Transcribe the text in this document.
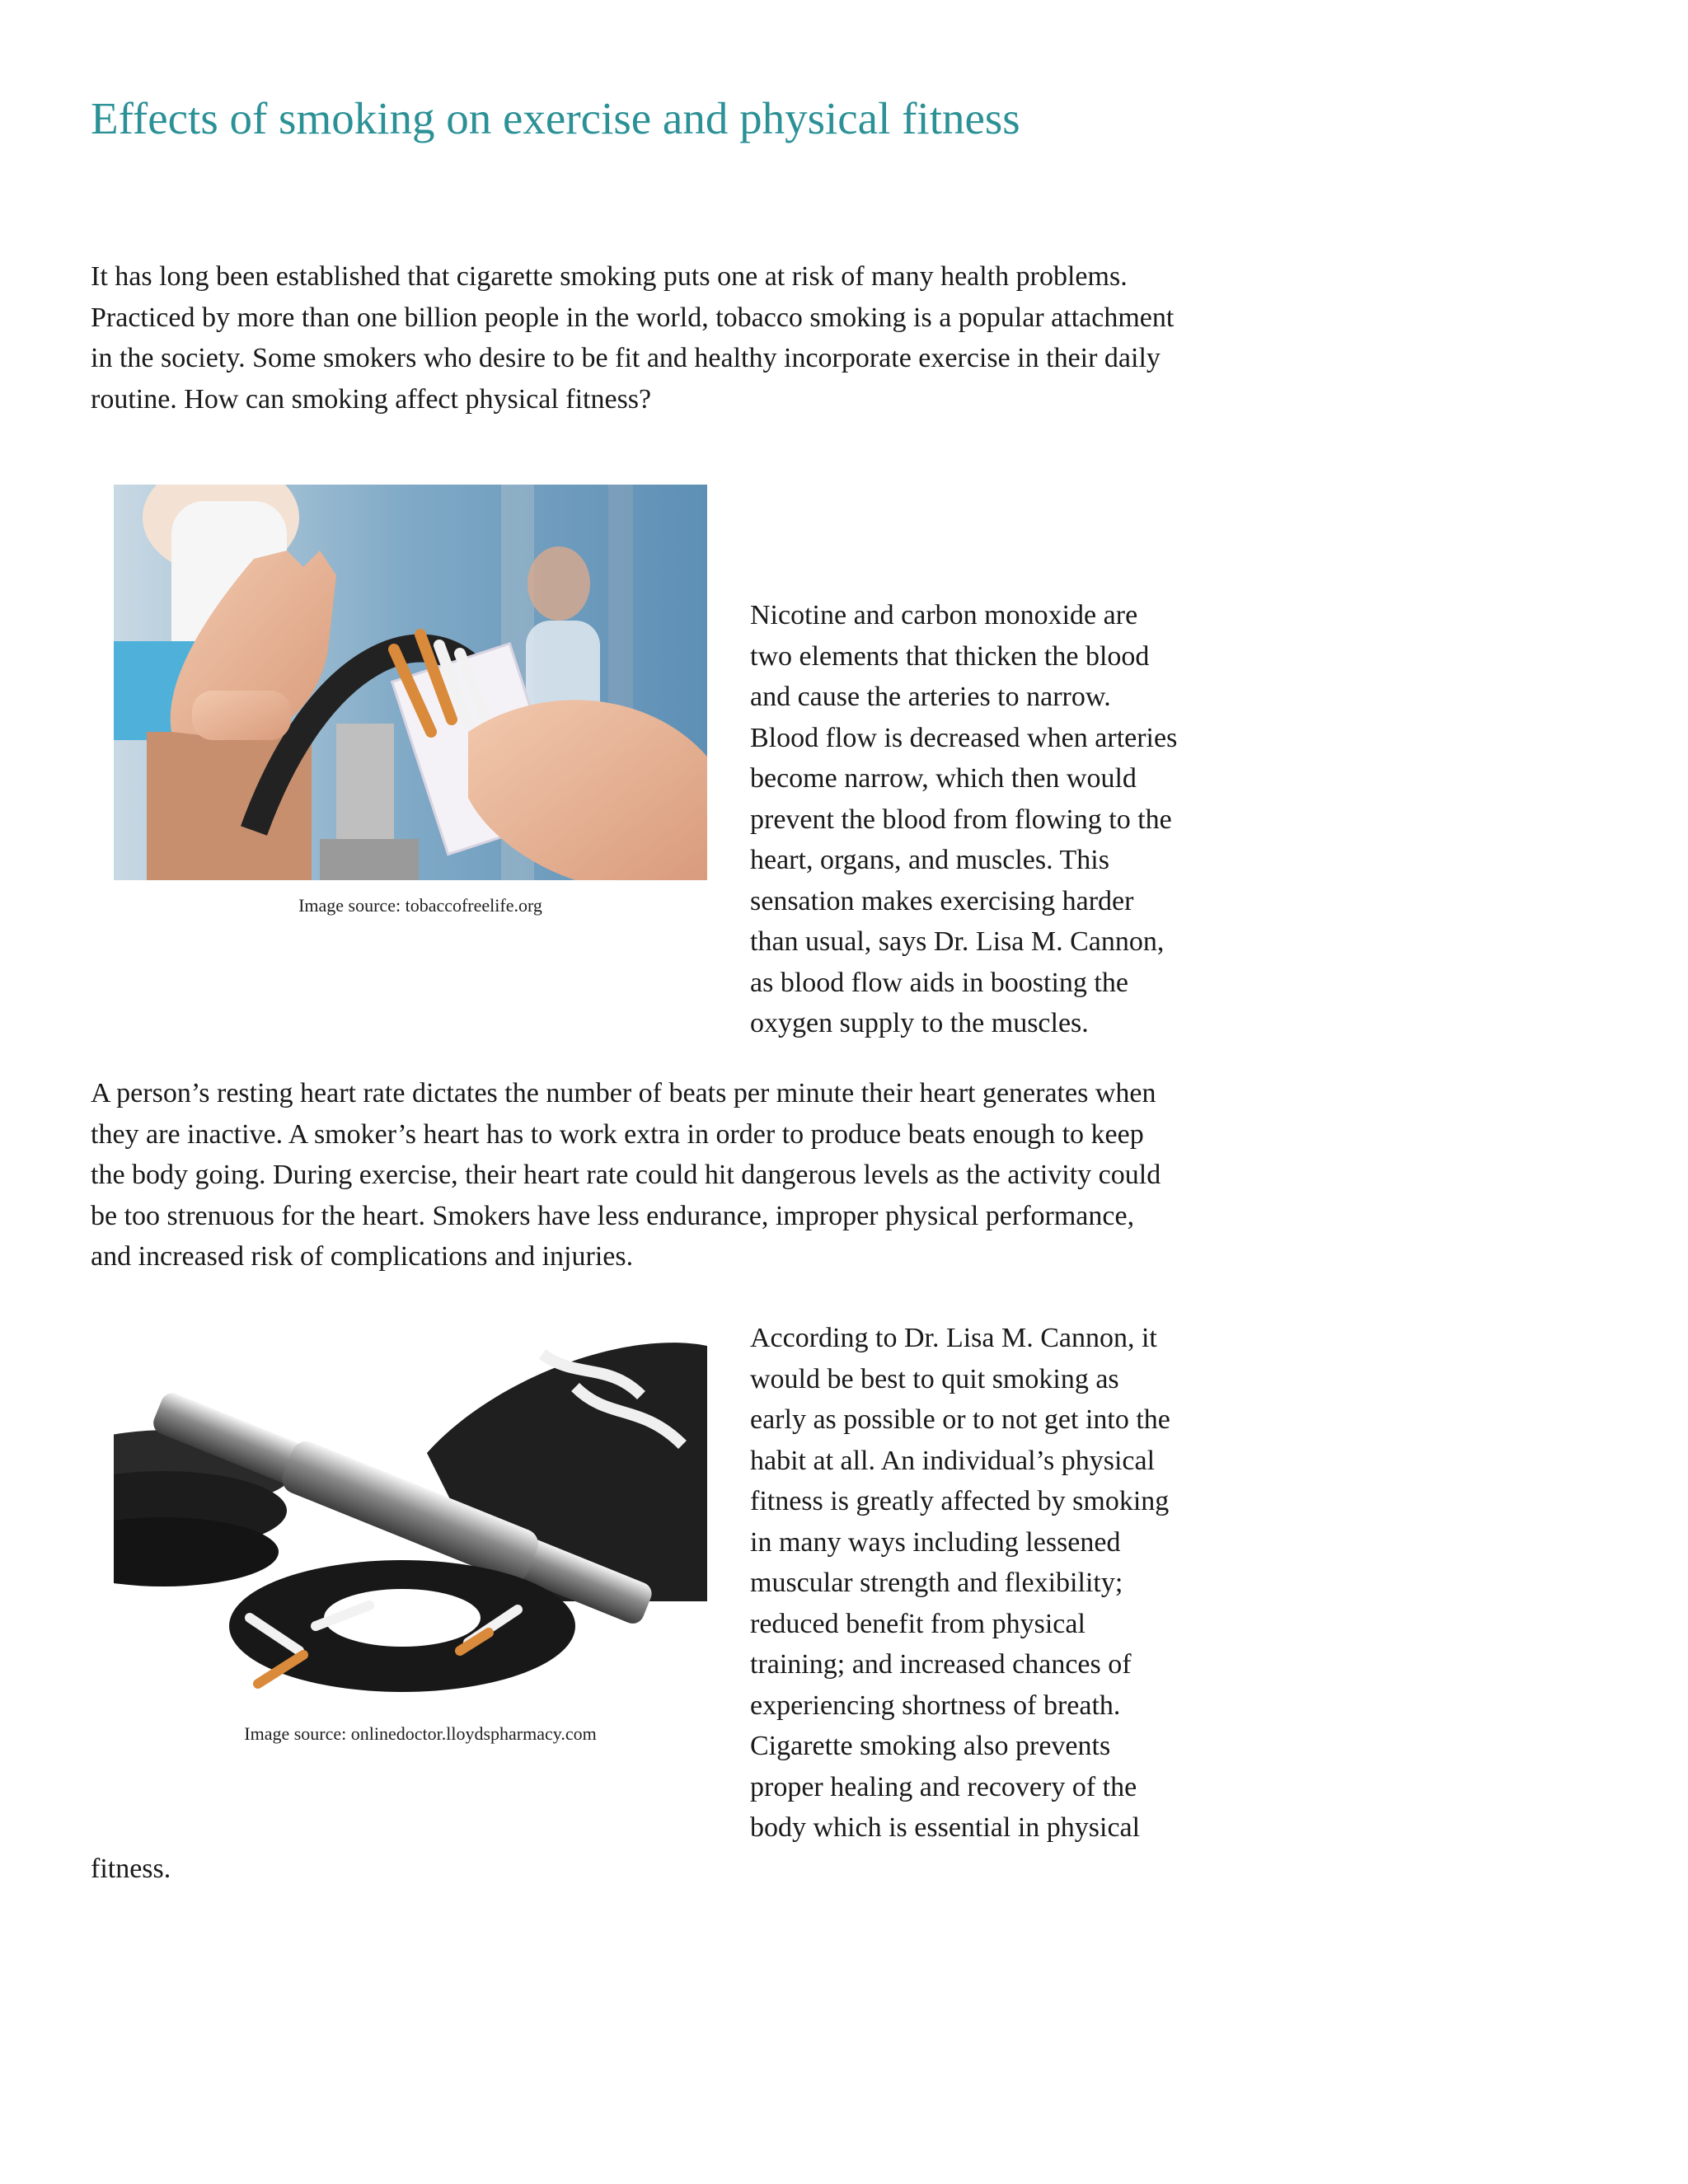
Effects of smoking on exercise and physical fitness

It has long been established that cigarette smoking puts one at risk of many health problems. Practiced by more than one billion people in the world, tobacco smoking is a popular attachment in the society. Some smokers who desire to be fit and healthy incorporate exercise in their daily routine. How can smoking affect physical fitness?

Image source: tobaccofreelife.org

Nicotine and carbon monoxide are two elements that thicken the blood and cause the arteries to narrow. Blood flow is decreased when arteries become narrow, which then would prevent the blood from flowing to the heart, organs, and muscles. This sensation makes exercising harder than usual, says Dr. Lisa M. Cannon, as blood flow aids in boosting the oxygen supply to the muscles.

A person’s resting heart rate dictates the number of beats per minute their heart generates when they are inactive. A smoker’s heart has to work extra in order to produce beats enough to keep the body going. During exercise, their heart rate could hit dangerous levels as the activity could be too strenuous for the heart. Smokers have less endurance, improper physical performance, and increased risk of complications and injuries.

Image source: onlinedoctor.lloydspharmacy.com

According to Dr. Lisa M. Cannon, it would be best to quit smoking as early as possible or to not get into the habit at all. An individual’s physical fitness is greatly affected by smoking in many ways including lessened muscular strength and flexibility; reduced benefit from physical training; and increased chances of experiencing shortness of breath. Cigarette smoking also prevents proper healing and recovery of the body which is essential in physical fitness.
